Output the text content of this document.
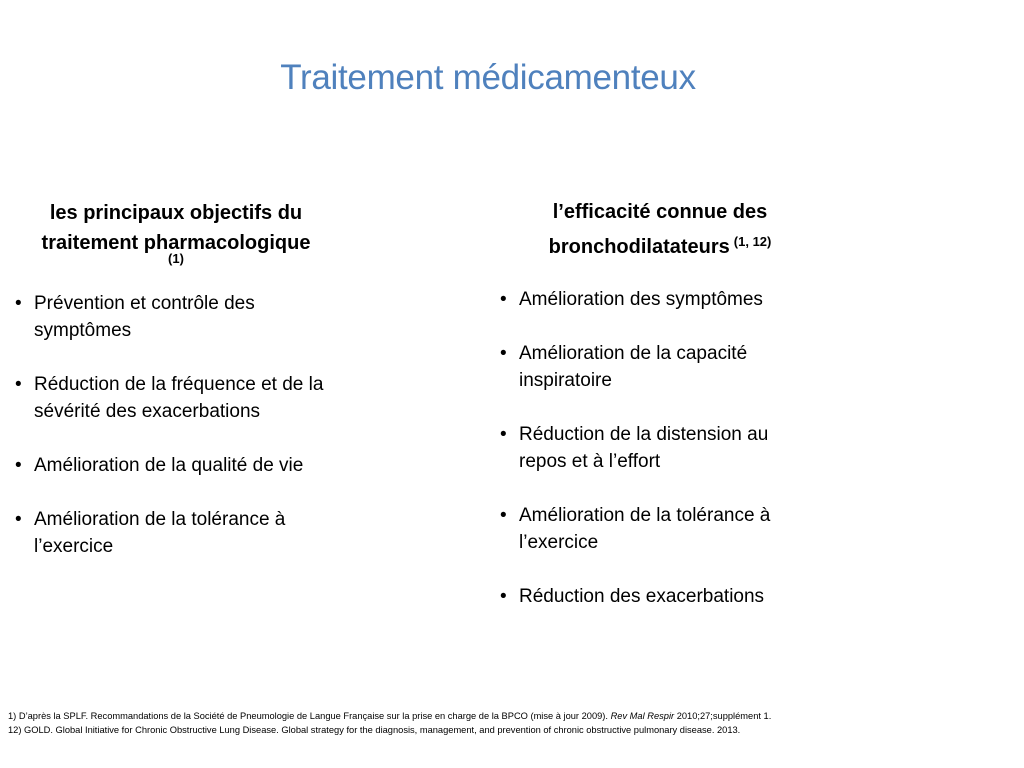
Traitement médicamenteux
les principaux objectifs du traitement pharmacologique
(1)
• Prévention et contrôle des symptômes
• Réduction de la fréquence et de la sévérité des exacerbations
• Amélioration de la qualité de vie
• Amélioration de la tolérance à l’exercice
l’efficacité connue des bronchodilatateurs $^{(1, 12)}$
• Amélioration des symptômes
• Amélioration de la capacité inspiratoire
• Réduction de la distension au repos et à l’effort
• Amélioration de la tolérance à l’exercice
• Réduction des exacerbations
1) D’après la SPLF. Recommandations de la Société de Pneumologie de Langue Française sur la prise en charge de la BPCO (mise à jour 2009). Rev Mal Respir 2010;27;supplément 1.
12) GOLD. Global Initiative for Chronic Obstructive Lung Disease. Global strategy for the diagnosis, management, and prevention of chronic obstructive pulmonary disease. 2013.
